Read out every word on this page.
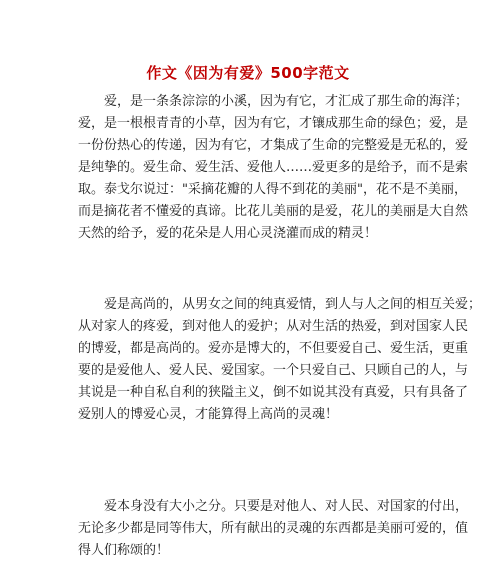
作文《因为有爱》500字范文
爱，是一条条淙淙的小溪，因为有它，才汇成了那生命的海洋；
爱，是一根根青青的小草，因为有它，才镶成那生命的绿色；爱，是
一份份热心的传递，因为有它，才集成了生命的完整爱是无私的，爱
是纯挚的。爱生命、爱生活、爱他人……爱更多的是给予，而不是索
取。泰戈尔说过："采摘花瓣的人得不到花的美丽"，花不是不美丽，
而是摘花者不懂爱的真谛。比花儿美丽的是爱，花儿的美丽是大自然
天然的给予，爱的花朵是人用心灵浇灌而成的精灵！
爱是高尚的，从男女之间的纯真爱情，到人与人之间的相互关爱；
从对家人的疼爱，到对他人的爱护；从对生活的热爱，到对国家人民
的博爱，都是高尚的。爱亦是博大的，不但要爱自己、爱生活，更重
要的是爱他人、爱人民、爱国家。一个只爱自己、只顾自己的人，与
其说是一种自私自利的狭隘主义，倒不如说其没有真爱，只有具备了
爱别人的博爱心灵，才能算得上高尚的灵魂！
爱本身没有大小之分。只要是对他人、对人民、对国家的付出，
无论多少都是同等伟大，所有献出的灵魂的东西都是美丽可爱的，值
得人们称颂的！
